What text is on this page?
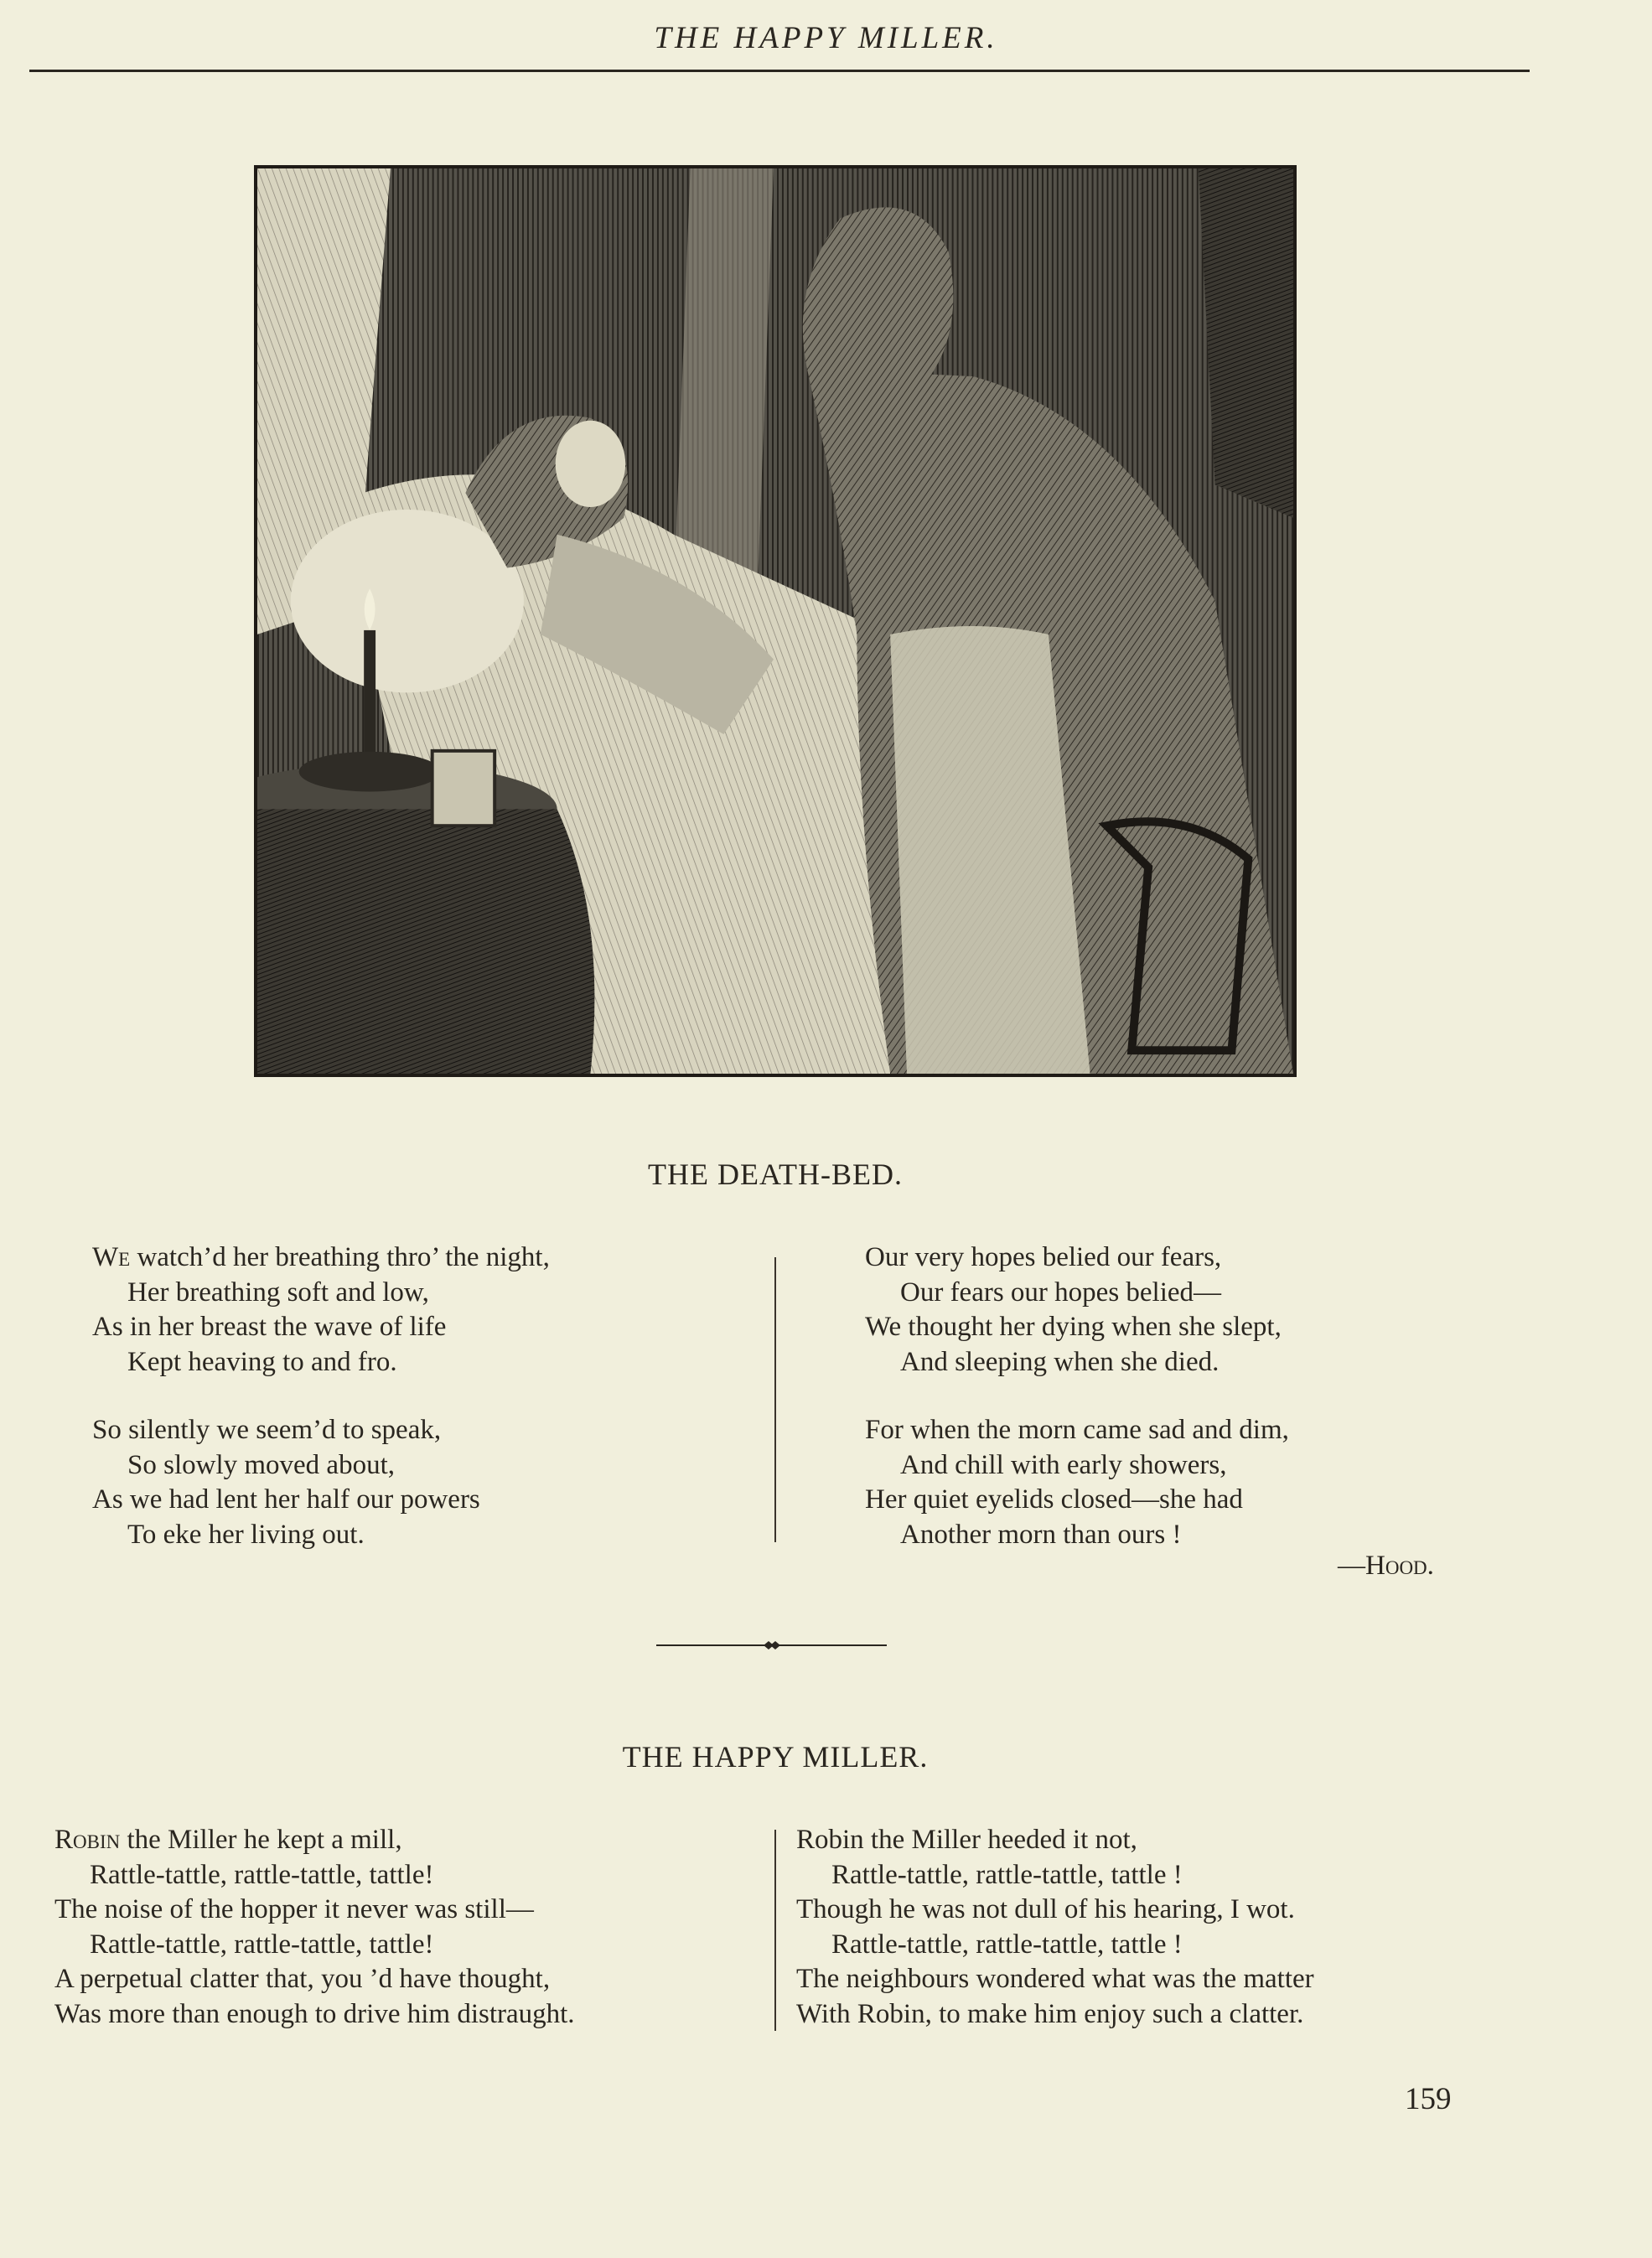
THE HAPPY MILLER.
THE DEATH-BED.
We watch’d her breathing thro’ the night,
Her breathing soft and low,
As in her breast the wave of life
Kept heaving to and fro.
So silently we seem’d to speak,
So slowly moved about,
As we had lent her half our powers
To eke her living out.
Our very hopes belied our fears,
Our fears our hopes belied—
We thought her dying when she slept,
And sleeping when she died.
For when the morn came sad and dim,
And chill with early showers,
Her quiet eyelids closed—she had
Another morn than ours !
—Hood.
THE HAPPY MILLER.
Robin the Miller he kept a mill,
Rattle-tattle, rattle-tattle, tattle!
The noise of the hopper it never was still—
Rattle-tattle, rattle-tattle, tattle!
A perpetual clatter that, you ’d have thought,
Was more than enough to drive him distraught.
Robin the Miller heeded it not,
Rattle-tattle, rattle-tattle, tattle !
Though he was not dull of his hearing, I wot.
Rattle-tattle, rattle-tattle, tattle !
The neighbours wondered what was the matter
With Robin, to make him enjoy such a clatter.
159
